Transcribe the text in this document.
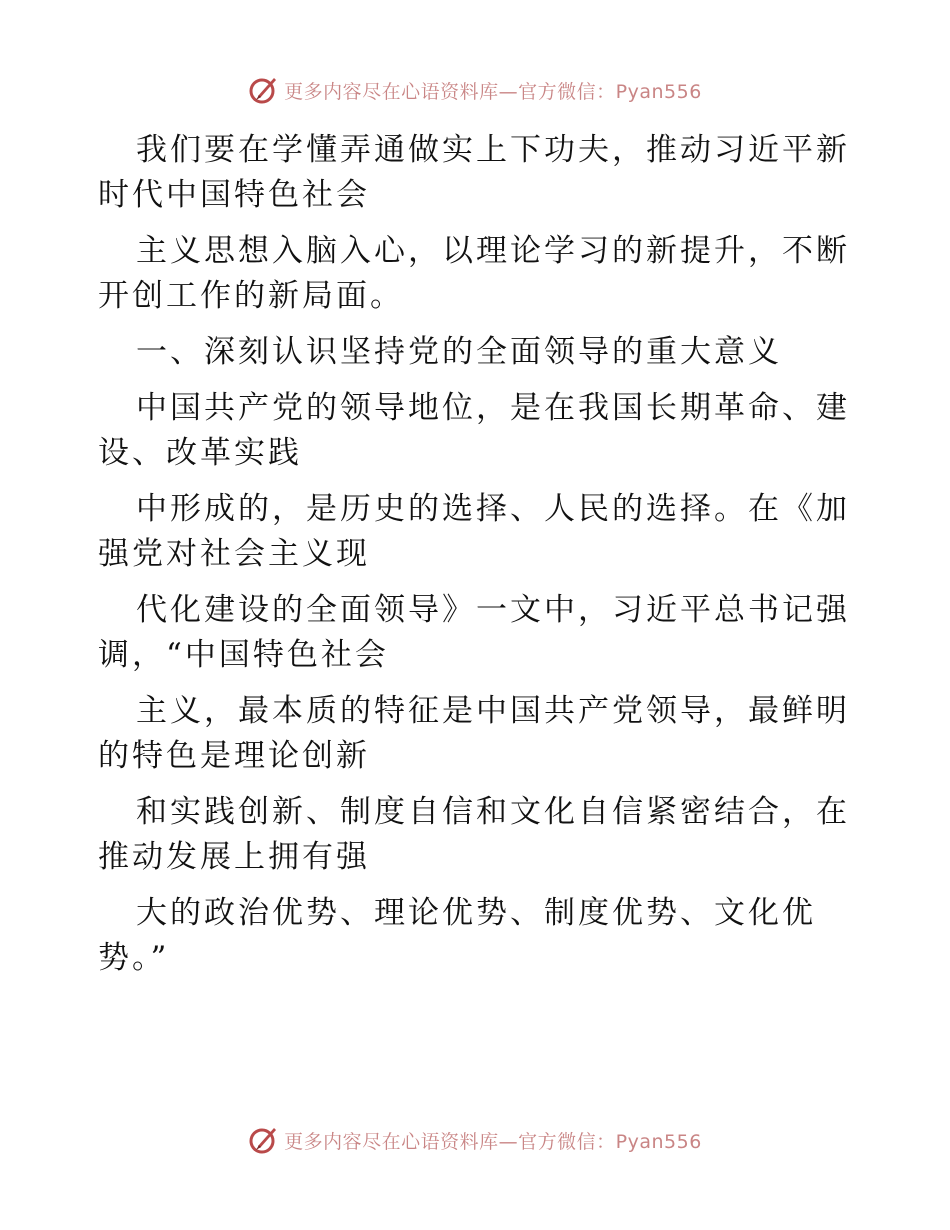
更多内容尽在心语资料库—官方微信：Pyan556

我们要在学懂弄通做实上下功夫，推动习近平新

时代中国特色社会

主义思想入脑入心，以理论学习的新提升，不断

开创工作的新局面。

一、深刻认识坚持党的全面领导的重大意义

中国共产党的领导地位，是在我国长期革命、建

设、改革实践

中形成的，是历史的选择、人民的选择。在《加

强党对社会主义现

代化建设的全面领导》一文中，习近平总书记强

调，“中国特色社会

主义，最本质的特征是中国共产党领导，最鲜明

的特色是理论创新

和实践创新、制度自信和文化自信紧密结合，在

推动发展上拥有强

大的政治优势、理论优势、制度优势、文化优

势。”

更多内容尽在心语资料库—官方微信：Pyan556
